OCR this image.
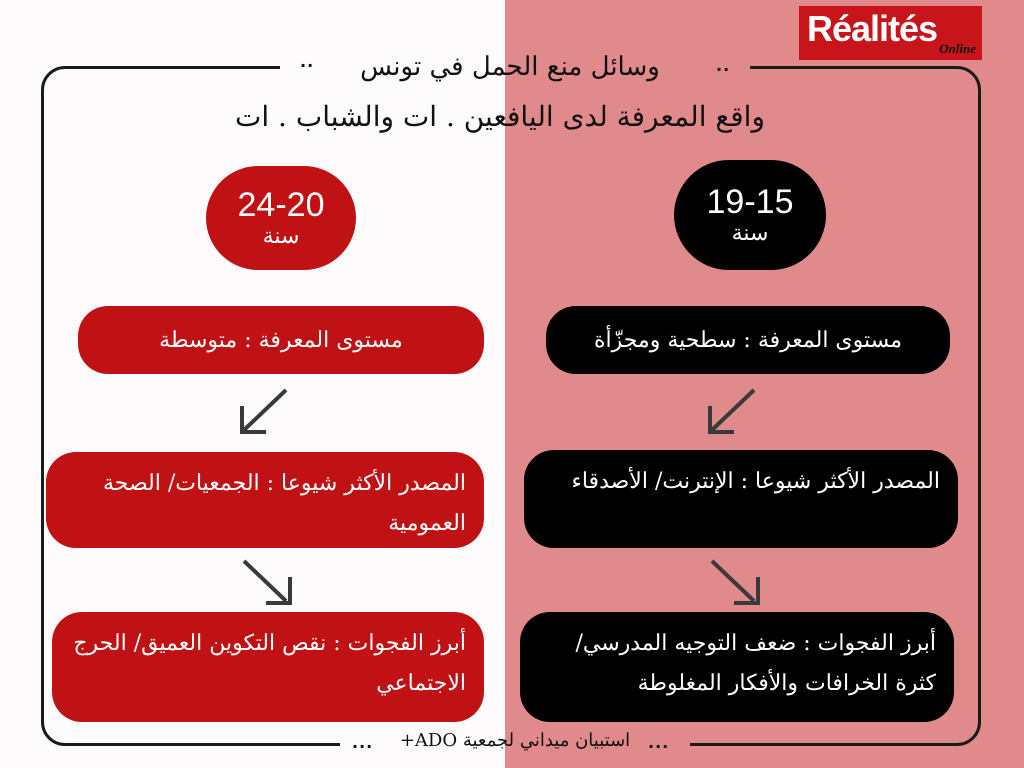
Réalités Online
..	وسائل منع الحمل في تونس	..
واقع المعرفة لدى اليافعين . ات والشباب . ات
24-20
سنة
مستوى المعرفة : متوسطة
المصدر الأكثر شيوعا : الجمعيات/ الصحة العمومية
أبرز الفجوات : نقص التكوين العميق/ الحرج الاجتماعي
19-15
سنة
مستوى المعرفة : سطحية ومجزّأة
المصدر الأكثر شيوعا : الإنترنت/ الأصدقاء
أبرز الفجوات : ضعف التوجيه المدرسي/ كثرة الخرافات والأفكار المغلوطة
...	استبيان ميداني لجمعية ADO+	...
